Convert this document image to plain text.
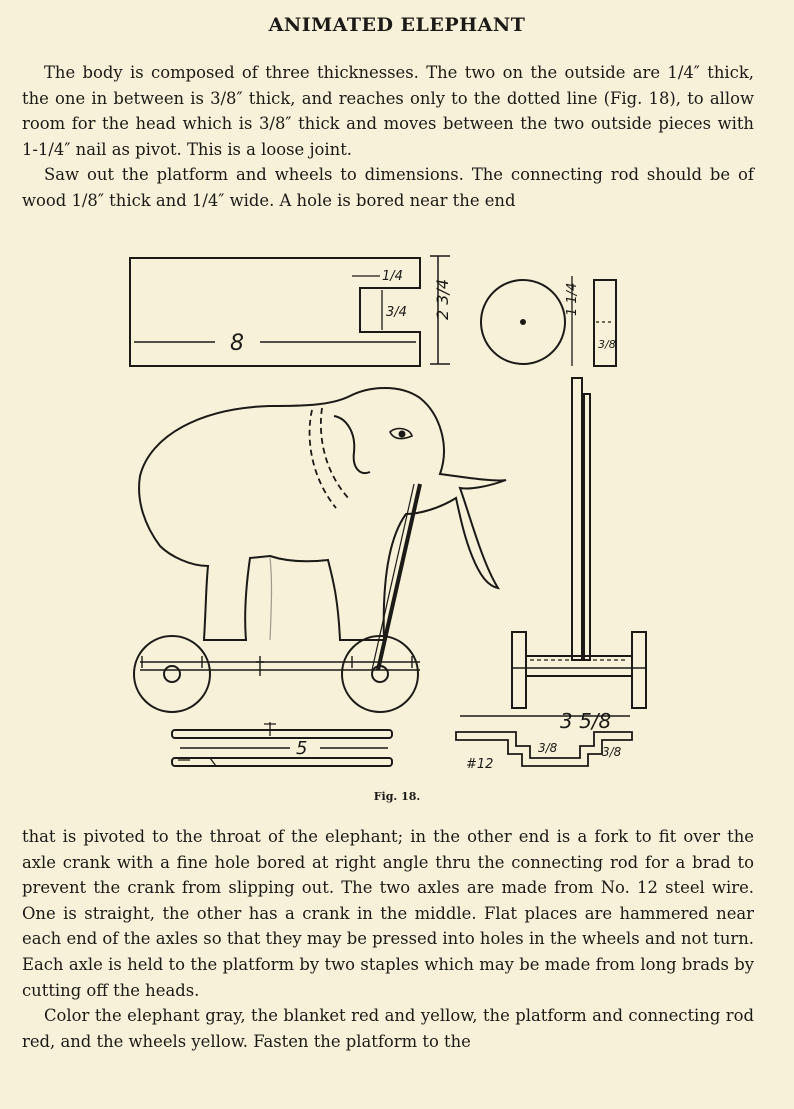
ANIMATED ELEPHANT

The body is composed of three thicknesses. The two on the outside are 1/4″ thick, the one in between is 3/8″ thick, and reaches only to the dotted line (Fig. 18), to allow room for the head which is 3/8″ thick and moves between the two outside pieces with 1-1/4″ nail as pivot. This is a loose joint.

Saw out the platform and wheels to dimensions. The connecting rod should be of wood 1/8″ thick and 1/4″ wide. A hole is bored near the end

8
1/4
3/4 2 3/4	1 1/4
3/8
5
3 5/8
3/8	3/8
#12
Fig. 18.

that is pivoted to the throat of the elephant; in the other end is a fork to fit over the axle crank with a fine hole bored at right angle thru the connecting rod for a brad to prevent the crank from slipping out. The two axles are made from No. 12 steel wire. One is straight, the other has a crank in the middle. Flat places are hammered near each end of the axles so that they may be pressed into holes in the wheels and not turn. Each axle is held to the platform by two staples which may be made from long brads by cutting off the heads.

Color the elephant gray, the blanket red and yellow, the platform and connecting rod red, and the wheels yellow. Fasten the platform to the
